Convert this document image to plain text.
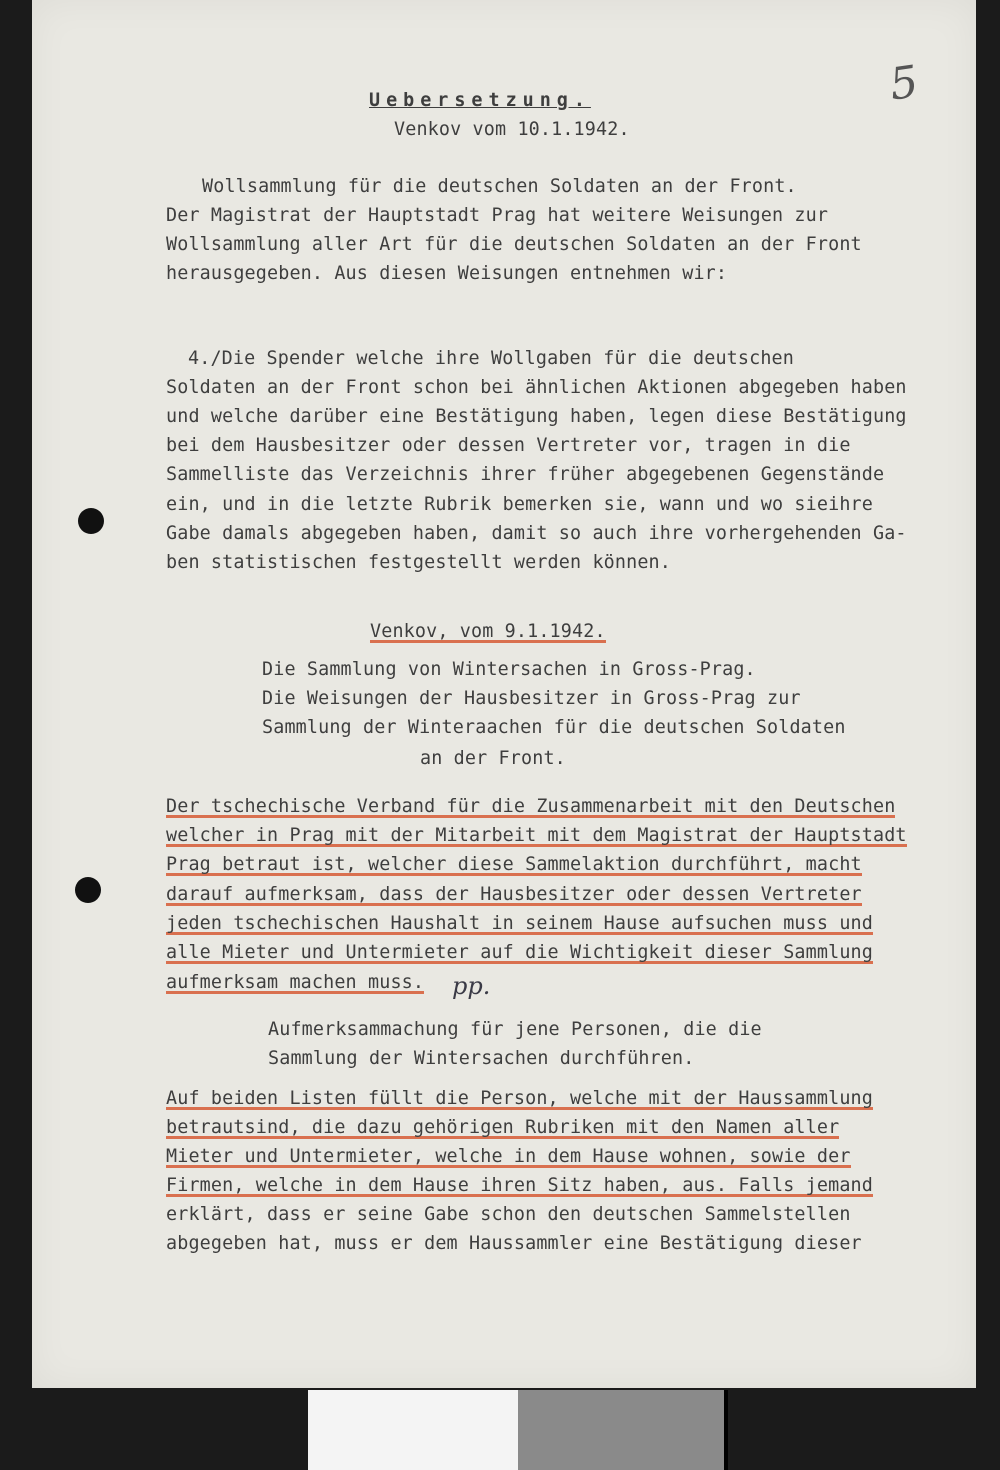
Uebersetzung.
Venkov vom 10.1.1942.
5
Wollsammlung für die deutschen Soldaten an der Front.
Der Magistrat der Hauptstadt Prag hat weitere Weisungen zur
Wollsammlung aller Art für die deutschen Soldaten an der Front
herausgegeben. Aus diesen Weisungen entnehmen wir:
4./Die Spender welche ihre Wollgaben für die deutschen
Soldaten an der Front schon bei ähnlichen Aktionen abgegeben haben
und welche darüber eine Bestätigung haben, legen diese Bestätigung
bei dem Hausbesitzer oder dessen Vertreter vor, tragen in die
Sammelliste das Verzeichnis ihrer früher abgegebenen Gegenstände
ein, und in die letzte Rubrik bemerken sie, wann und wo sieihre
Gabe damals abgegeben haben, damit so auch ihre vorhergehenden Ga-
ben statistischen festgestellt werden können.
Venkov, vom 9.1.1942.
Die Sammlung von Wintersachen in Gross-Prag.
Die Weisungen der Hausbesitzer in Gross-Prag zur
Sammlung der Winteraachen für die deutschen Soldaten
an der Front.
Der tschechische Verband für die Zusammenarbeit mit den Deutschen
welcher in Prag mit der Mitarbeit mit dem Magistrat der Hauptstadt
Prag betraut ist, welcher diese Sammelaktion durchführt, macht
darauf aufmerksam, dass der Hausbesitzer oder dessen Vertreter
jeden tschechischen Haushalt in seinem Hause aufsuchen muss und
alle Mieter und Untermieter auf die Wichtigkeit dieser Sammlung
aufmerksam machen muss. pp.
Aufmerksammachung für jene Personen, die die
Sammlung der Wintersachen durchführen.
Auf beiden Listen füllt die Person, welche mit der Haussammlung
betrautsind, die dazu gehörigen Rubriken mit den Namen aller
Mieter und Untermieter, welche in dem Hause wohnen, sowie der
Firmen, welche in dem Hause ihren Sitz haben, aus. Falls jemand
erklärt, dass er seine Gabe schon den deutschen Sammelstellen
abgegeben hat, muss er dem Haussammler eine Bestätigung dieser
